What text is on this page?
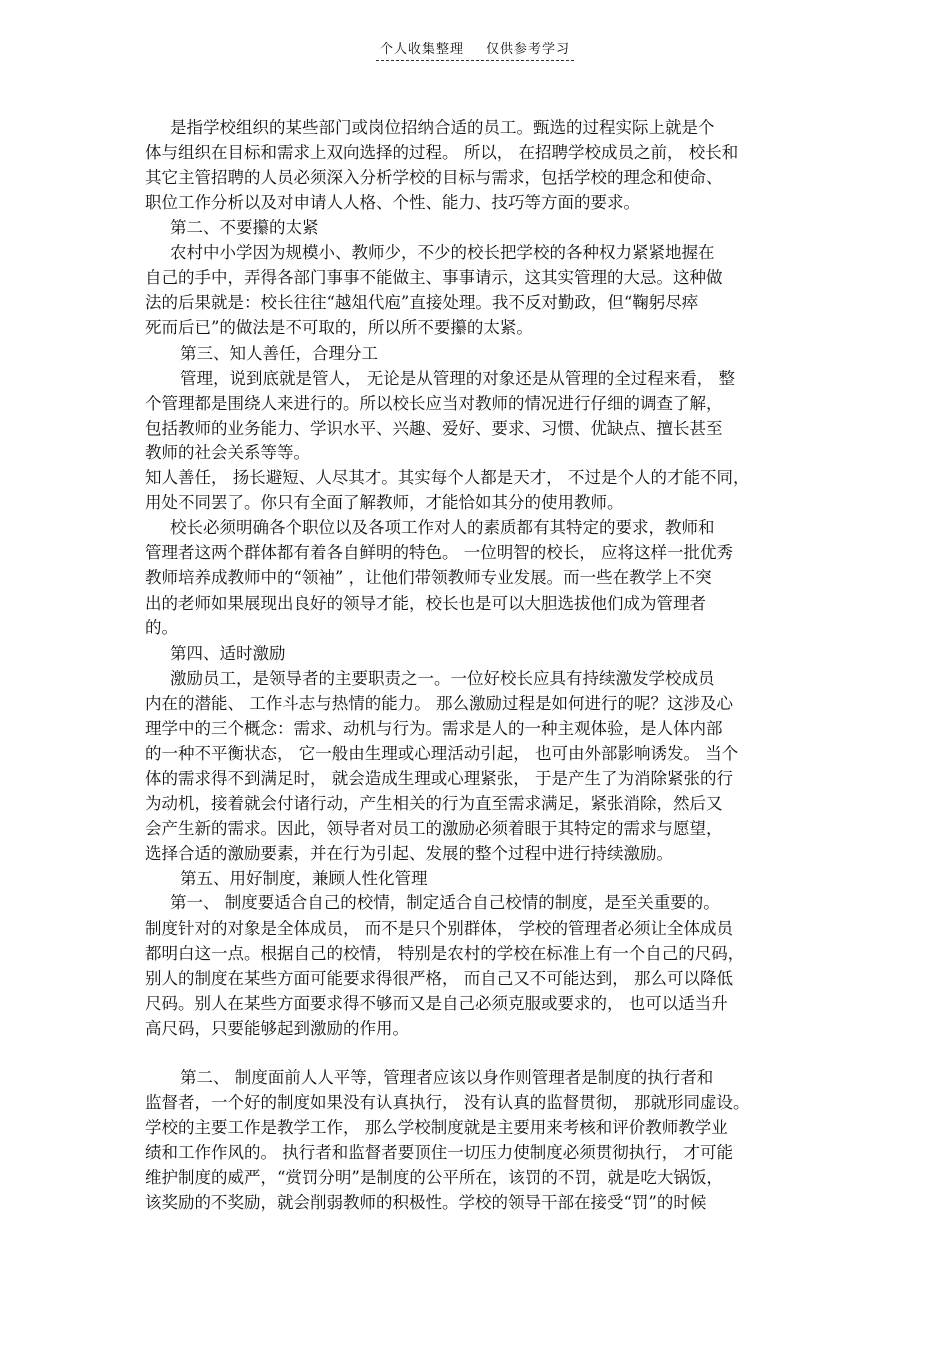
个人收集整理 仅供参考学习
是指学校组织的某些部门或岗位招纳合适的员工。甄选的过程实际上就是个
体与组织在目标和需求上双向选择的过程。 所以， 在招聘学校成员之前， 校长和
其它主管招聘的人员必须深入分析学校的目标与需求，包括学校的理念和使命、
职位工作分析以及对申请人人格、个性、能力、技巧等方面的要求。
第二、不要攥的太紧
农村中小学因为规模小、教师少，不少的校长把学校的各种权力紧紧地握在
自己的手中，弄得各部门事事不能做主、事事请示，这其实管理的大忌。这种做
法的后果就是：校长往往“越俎代庖”直接处理。我不反对勤政，但“鞠躬尽瘁
死而后已”的做法是不可取的，所以所不要攥的太紧。
第三、知人善任，合理分工
管理，说到底就是管人， 无论是从管理的对象还是从管理的全过程来看， 整
个管理都是围绕人来进行的。所以校长应当对教师的情况进行仔细的调查了解，
包括教师的业务能力、学识水平、兴趣、爱好、要求、习惯、优缺点、擅长甚至
教师的社会关系等等。
知人善任， 扬长避短、人尽其才。其实每个人都是天才， 不过是个人的才能不同，
用处不同罢了。你只有全面了解教师，才能恰如其分的使用教师。
校长必须明确各个职位以及各项工作对人的素质都有其特定的要求，教师和
管理者这两个群体都有着各自鲜明的特色。 一位明智的校长， 应将这样一批优秀
教师培养成教师中的“领袖” ，让他们带领教师专业发展。而一些在教学上不突
出的老师如果展现出良好的领导才能，校长也是可以大胆选拔他们成为管理者
的。
第四、适时激励
激励员工，是领导者的主要职责之一。一位好校长应具有持续激发学校成员
内在的潜能、 工作斗志与热情的能力。 那么激励过程是如何进行的呢？这涉及心
理学中的三个概念：需求、动机与行为。需求是人的一种主观体验，是人体内部
的一种不平衡状态， 它一般由生理或心理活动引起， 也可由外部影响诱发。 当个
体的需求得不到满足时， 就会造成生理或心理紧张， 于是产生了为消除紧张的行
为动机，接着就会付诸行动，产生相关的行为直至需求满足，紧张消除，然后又
会产生新的需求。因此，领导者对员工的激励必须着眼于其特定的需求与愿望，
选择合适的激励要素，并在行为引起、发展的整个过程中进行持续激励。
第五、用好制度，兼顾人性化管理
第一、 制度要适合自己的校情，制定适合自己校情的制度，是至关重要的。
制度针对的对象是全体成员， 而不是只个别群体， 学校的管理者必须让全体成员
都明白这一点。根据自己的校情， 特别是农村的学校在标准上有一个自己的尺码，
别人的制度在某些方面可能要求得很严格， 而自己又不可能达到， 那么可以降低
尺码。别人在某些方面要求得不够而又是自己必须克服或要求的， 也可以适当升
高尺码，只要能够起到激励的作用。
第二、 制度面前人人平等，管理者应该以身作则管理者是制度的执行者和
监督者，一个好的制度如果没有认真执行， 没有认真的监督贯彻， 那就形同虚设。
学校的主要工作是教学工作， 那么学校制度就是主要用来考核和评价教师教学业
绩和工作作风的。 执行者和监督者要顶住一切压力使制度必须贯彻执行， 才可能
维护制度的威严，“赏罚分明”是制度的公平所在，该罚的不罚，就是吃大锅饭，
该奖励的不奖励，就会削弱教师的积极性。学校的领导干部在接受“罚”的时候
